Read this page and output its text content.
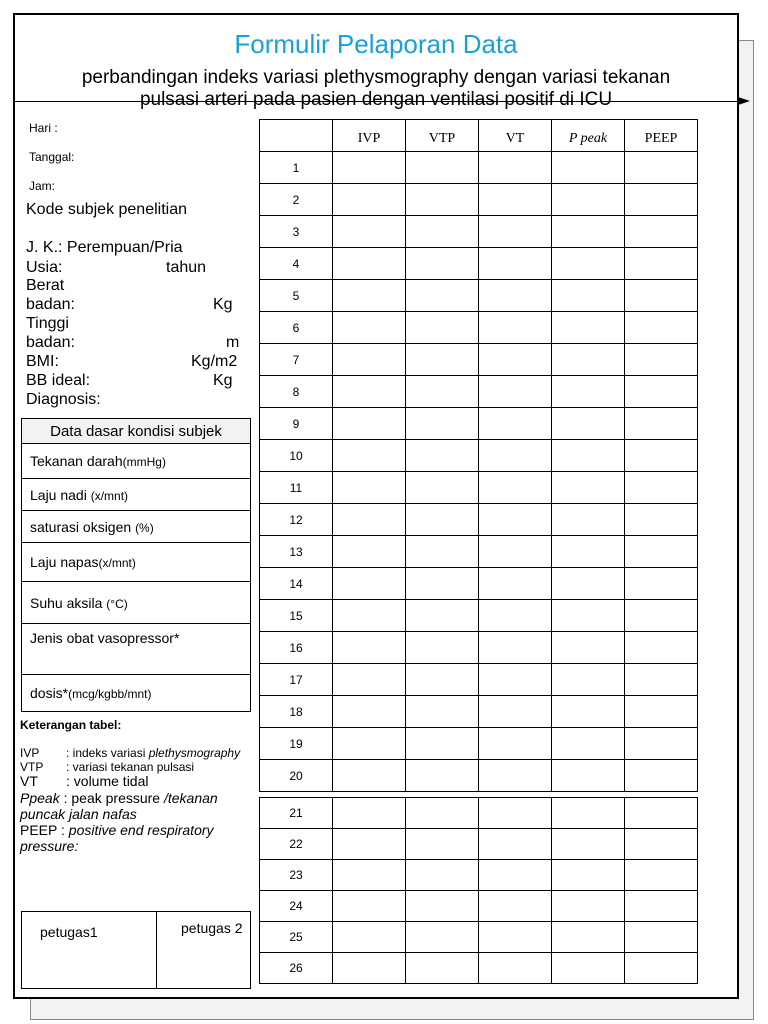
Formulir Pelaporan Data
perbandingan indeks variasi plethysmography dengan variasi tekanan
pulsasi arteri pada pasien dengan ventilasi positif di ICU
Hari :
Tanggal:
Jam:
Kode subjek penelitian
J. K.: Perempuan/Pria
Usia:	tahun
Berat
badan:	Kg
Tinggi
badan:	m
BMI:	Kg/m2
BB ideal:	Kg
Diagnosis:
Data dasar kondisi subjek
Tekanan darah(mmHg)
Laju nadi (x/mnt)
saturasi oksigen (%)
Laju napas(x/mnt)
Suhu aksila (°C)
Jenis obat vasopressor*
dosis*(mcg/kgbb/mnt)
Keterangan tabel:
IVP : indeks variasi plethysmography
VTP : variasi tekanan pulsasi
VT : volume tidal
Ppeak : peak pressure /tekanan
puncak jalan nafas
PEEP : positive end respiratory
pressure:
petugas1	petugas 2
	IVP	VTP	VT	P peak	PEEP
1					
2					
3					
4					
5					
6					
7					
8					
9					
10					
11					
12					
13					
14					
15					
16					
17					
18					
19					
20					

21					
22					
23					
24					
25					
26					
